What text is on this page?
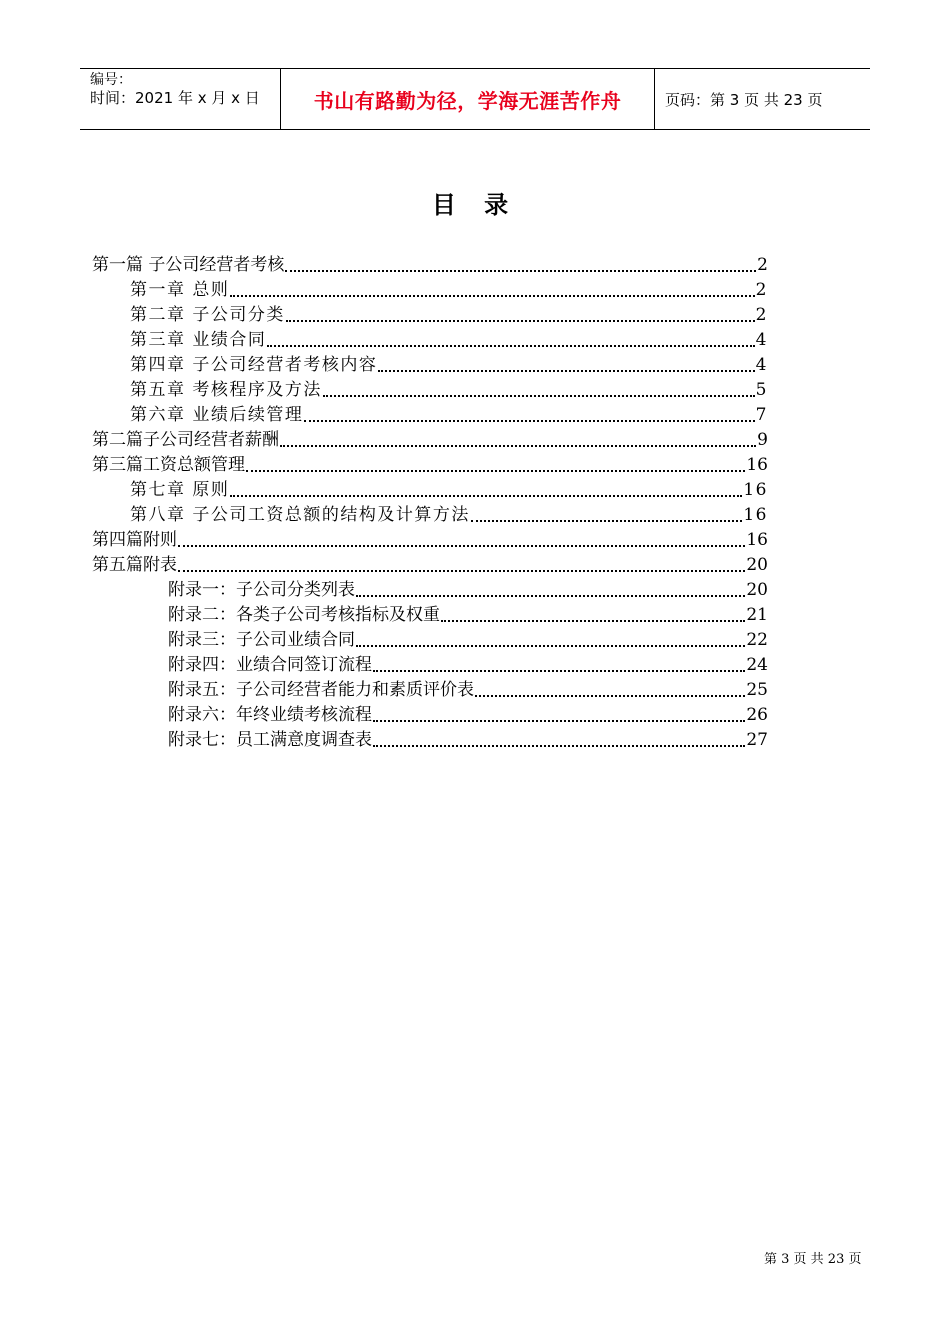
编号：
时间：2021 年 x 月 x 日	书山有路勤为径，学海无涯苦作舟	页码：第 3 页 共 23 页
目 录
第一篇 子公司经营者考核	2
第一章 总则	2
第二章 子公司分类	2
第三章 业绩合同	4
第四章 子公司经营者考核内容	4
第五章 考核程序及方法	5
第六章 业绩后续管理	7
第二篇子公司经营者薪酬	9
第三篇工资总额管理	16
第七章 原则	16
第八章 子公司工资总额的结构及计算方法	16
第四篇附则	16
第五篇附表	20
附录一：子公司分类列表	20
附录二：各类子公司考核指标及权重	21
附录三：子公司业绩合同	22
附录四：业绩合同签订流程	24
附录五：子公司经营者能力和素质评价表	25
附录六：年终业绩考核流程	26
附录七：员工满意度调查表	27
第 3 页 共 23 页
